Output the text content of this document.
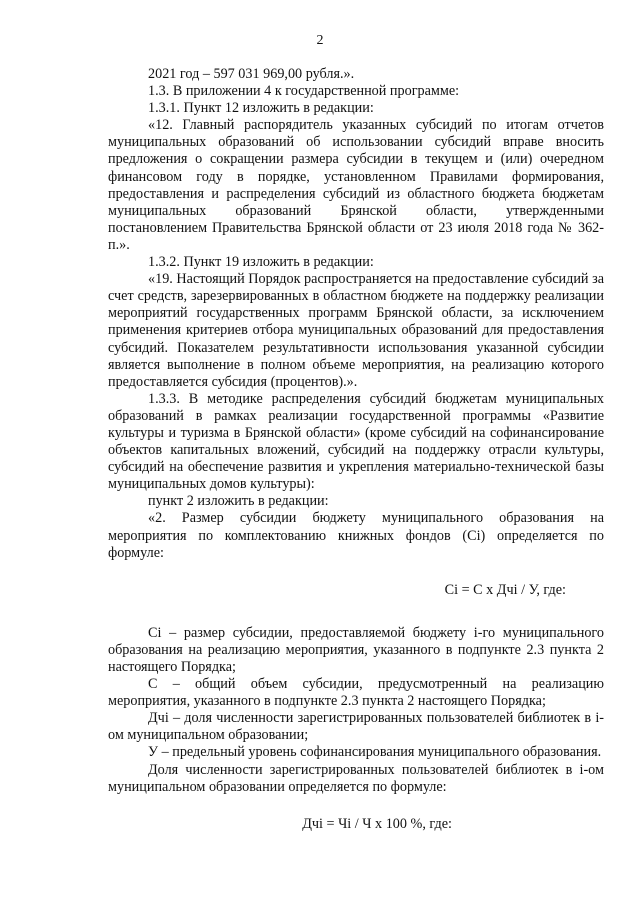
2

2021 год – 597 031 969,00 рубля.».

1.3. В приложении 4 к государственной программе:

1.3.1. Пункт 12 изложить в редакции:

«12. Главный распорядитель указанных субсидий по итогам отчетов муниципальных образований об использовании субсидий вправе вносить предложения о сокращении размера субсидии в текущем и (или) очередном финансовом году в порядке, установленном Правилами формирования, предоставления и распределения субсидий из областного бюджета бюджетам муниципальных образований Брянской области, утвержденными постановлением Правительства Брянской области от 23 июля 2018 года № 362-п.».

1.3.2. Пункт 19 изложить в редакции:

«19. Настоящий Порядок распространяется на предоставление субсидий за счет средств, зарезервированных в областном бюджете на поддержку реализации мероприятий государственных программ Брянской области, за исключением применения критериев отбора муниципальных образований для предоставления субсидий. Показателем результативности использования указанной субсидии является выполнение в полном объеме мероприятия, на реализацию которого предоставляется субсидия (процентов).».

1.3.3. В методике распределения субсидий бюджетам муниципальных образований в рамках реализации государственной программы «Развитие культуры и туризма в Брянской области» (кроме субсидий на софинансирование объектов капитальных вложений, субсидий на поддержку отрасли культуры, субсидий на обеспечение развития и укрепления материально-технической базы муниципальных домов культуры):

пункт 2 изложить в редакции:

«2. Размер субсидии бюджету муниципального образования на мероприятия по комплектованию книжных фондов (Ci) определяется по формуле:

Ci = С х Дчi / У, где:

Ci – размер субсидии, предоставляемой бюджету i-го муниципального образования на реализацию мероприятия, указанного в подпункте 2.3 пункта 2 настоящего Порядка;

С – общий объем субсидии, предусмотренный на реализацию мероприятия, указанного в подпункте 2.3 пункта 2 настоящего Порядка;

Дчi – доля численности зарегистрированных пользователей библиотек в i-ом муниципальном образовании;

У – предельный уровень софинансирования муниципального образования.

Доля численности зарегистрированных пользователей библиотек в i-ом муниципальном образовании определяется по формуле:

Дчi = Чi / Ч х 100 %, где:
